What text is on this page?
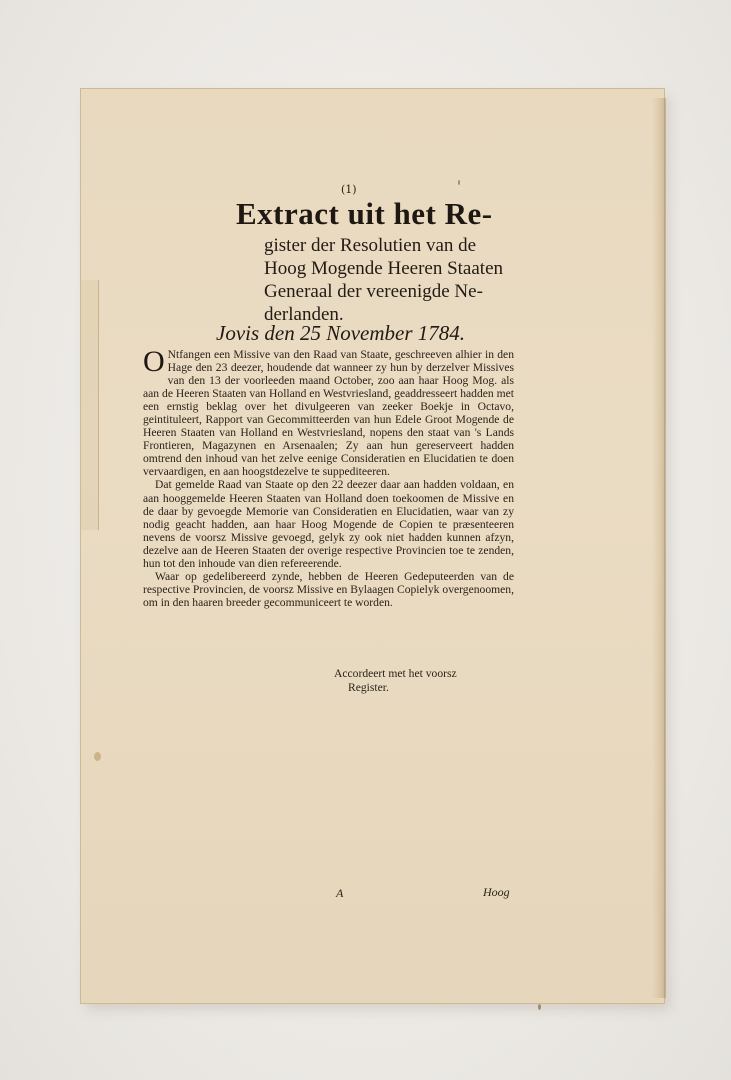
(1)
Extract uit het Re-
gister der Resolutien van de
Hoog Mogende Heeren Staaten
Generaal der vereenigde Ne-
derlanden.
Jovis den 25 November 1784.

O Ntfangen een Missive van den Raad van Staate, geschreeven alhier in den Hage den 23 deezer, houdende dat wanneer zy hun by derzelver Missives van den 13 der voorleeden maand October, zoo aan haar Hoog Mog. als aan de Heeren Staaten van Holland en Westvriesland, geaddresseert hadden met een ernstig beklag over het divulgeeren van zeeker Boekje in Octavo, geintituleert, Rapport van Gecommitteerden van hun Edele Groot Mogende de Heeren Staaten van Holland en Westvriesland, nopens den staat van 's Lands Frontieren, Magazynen en Arsenaalen; Zy aan hun gereserveert hadden omtrend den inhoud van het zelve eenige Consideratien en Elucidatien te doen vervaardigen, en aan hoogstdezelve te suppediteeren.

Dat gemelde Raad van Staate op den 22 deezer daar aan hadden voldaan, en aan hooggemelde Heeren Staaten van Holland doen toekoomen de Missive en de daar by gevoegde Memorie van Consideratien en Elucidatien, waar van zy nodig geacht hadden, aan haar Hoog Mogende de Copien te præsenteeren nevens de voorsz Missive gevoegd, gelyk zy ook niet hadden kunnen afzyn, dezelve aan de Heeren Staaten der overige respective Provincien toe te zenden, hun tot den inhoude van dien refereerende.

Waar op gedelibereerd zynde, hebben de Heeren Gedeputeerden van de respective Provincien, de voorsz Missive en Bylaagen Copielyk overgenoomen, om in den haaren breeder gecommuniceert te worden.

Accordeert met het voorsz
Register.
A	Hoog
